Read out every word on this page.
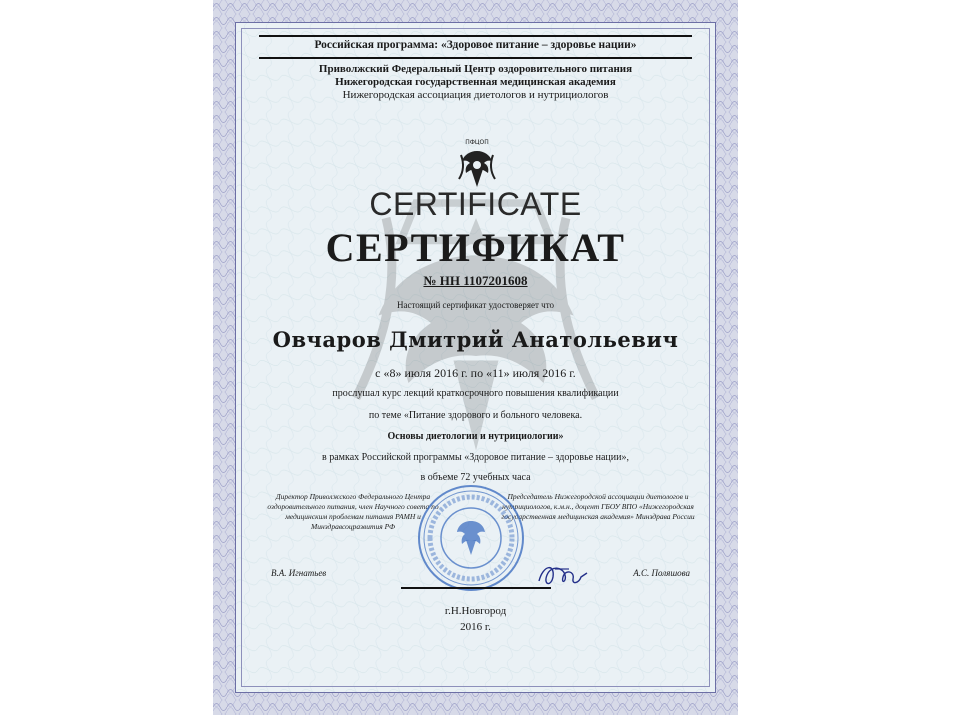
Российская программа: «Здоровое питание – здоровье нации»
Приволжский Федеральный Центр оздоровительного питания
Нижегородская государственная медицинская академия
Нижегородская ассоциация диетологов и нутрициологов
ПФЦОП
CERTIFICATE
СЕРТИФИКАТ
№ НН 1107201608
Настоящий сертификат удостоверяет что
Овчаров Дмитрий Анатольевич
с «8» июля 2016 г. по «11» июля 2016 г.
прослушал курс лекций краткосрочного повышения квалификации
по теме «Питание здорового и больного человека.
Основы диетологии и нутрициологии»
в рамках Российской программы «Здоровое питание – здоровье нации»,
в объеме 72 учебных часа
Директор Приволжского Федерального Центра оздоровительного питания, член Научного совета по медицинским проблемам питания РАМН и Минздравсоцразвития РФ
Председатель Нижегородской ассоциации диетологов и нутрициологов, к.м.н., доцент ГБОУ ВПО «Нижегородская государственная медицинская академия» Минздрава России
В.А. Игнатьев	А.С. Поляшова
г.Н.Новгород
2016 г.
